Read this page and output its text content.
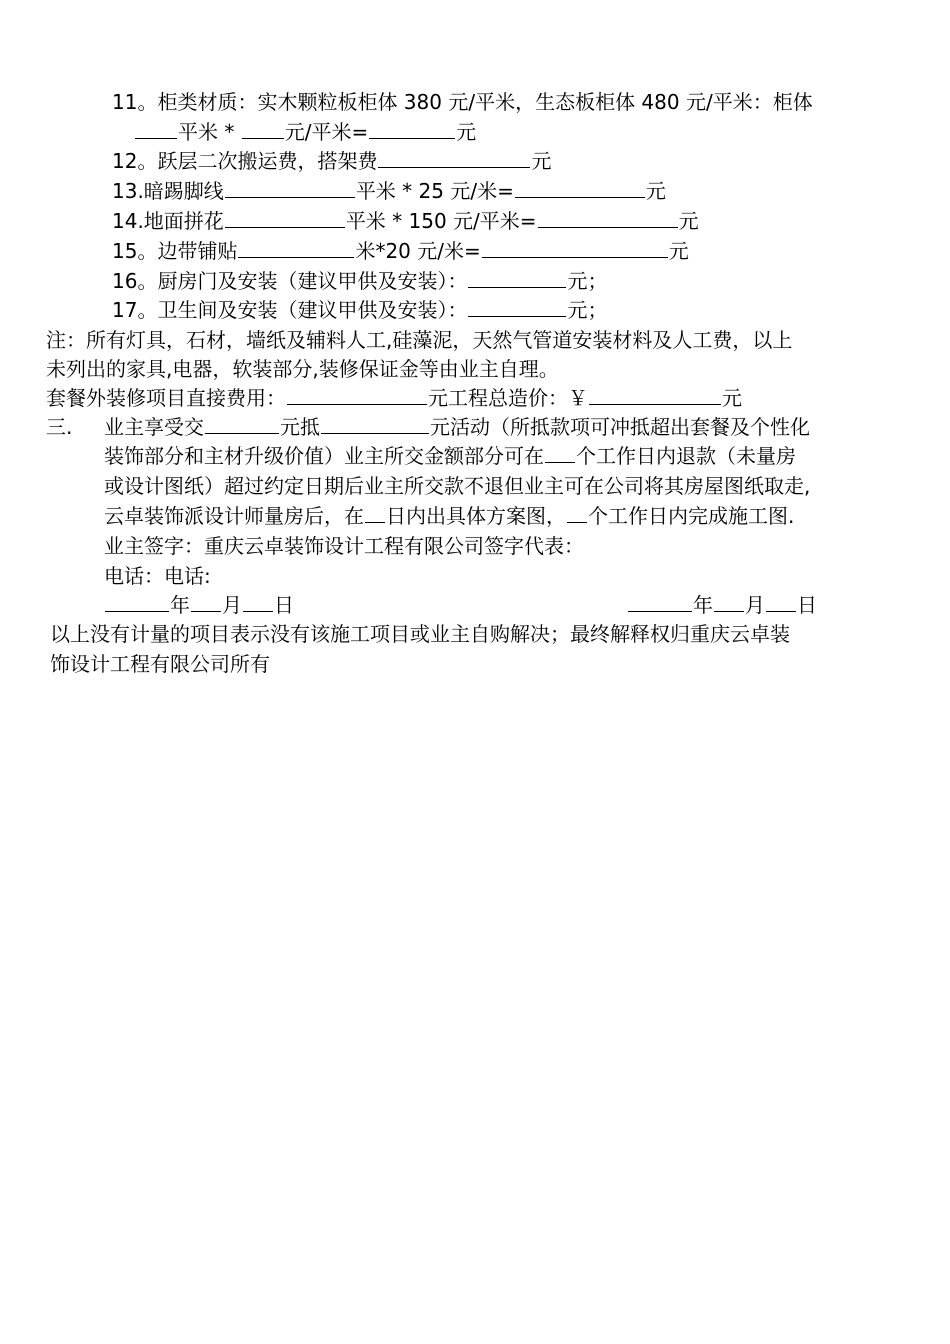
11。柜类材质：实木颗粒板柜体 380 元/平米，生态板柜体 480 元/平米：柜体
平米 *	元/平米=	元
12。跃层二次搬运费，搭架费	元
13.暗踢脚线	平米 * 25 元/米=	元
14.地面拼花	平米 * 150 元/平米=	元
15。边带铺贴	米*20 元/米=	元
16。厨房门及安装（建议甲供及安装）：	元；
17。卫生间及安装（建议甲供及安装）：	元；
注：所有灯具，石材，墙纸及辅料人工,硅藻泥，天然气管道安装材料及人工费，以上
未列出的家具,电器，软装部分,装修保证金等由业主自理。
套餐外装修项目直接费用：	元工程总造价：￥	元
三. 业主享受交	元抵	元活动（所抵款项可冲抵超出套餐及个性化
装饰部分和主材升级价值）业主所交金额部分可在 个工作日内退款（未量房
或设计图纸）超过约定日期后业主所交款不退但业主可在公司将其房屋图纸取走,
云卓装饰派设计师量房后，在 日内出具体方案图， 个工作日内完成施工图.
业主签字：重庆云卓装饰设计工程有限公司签字代表：
电话：电话:
年 月 日	年 月 日
以上没有计量的项目表示没有该施工项目或业主自购解决；最终解释权归重庆云卓装
饰设计工程有限公司所有
